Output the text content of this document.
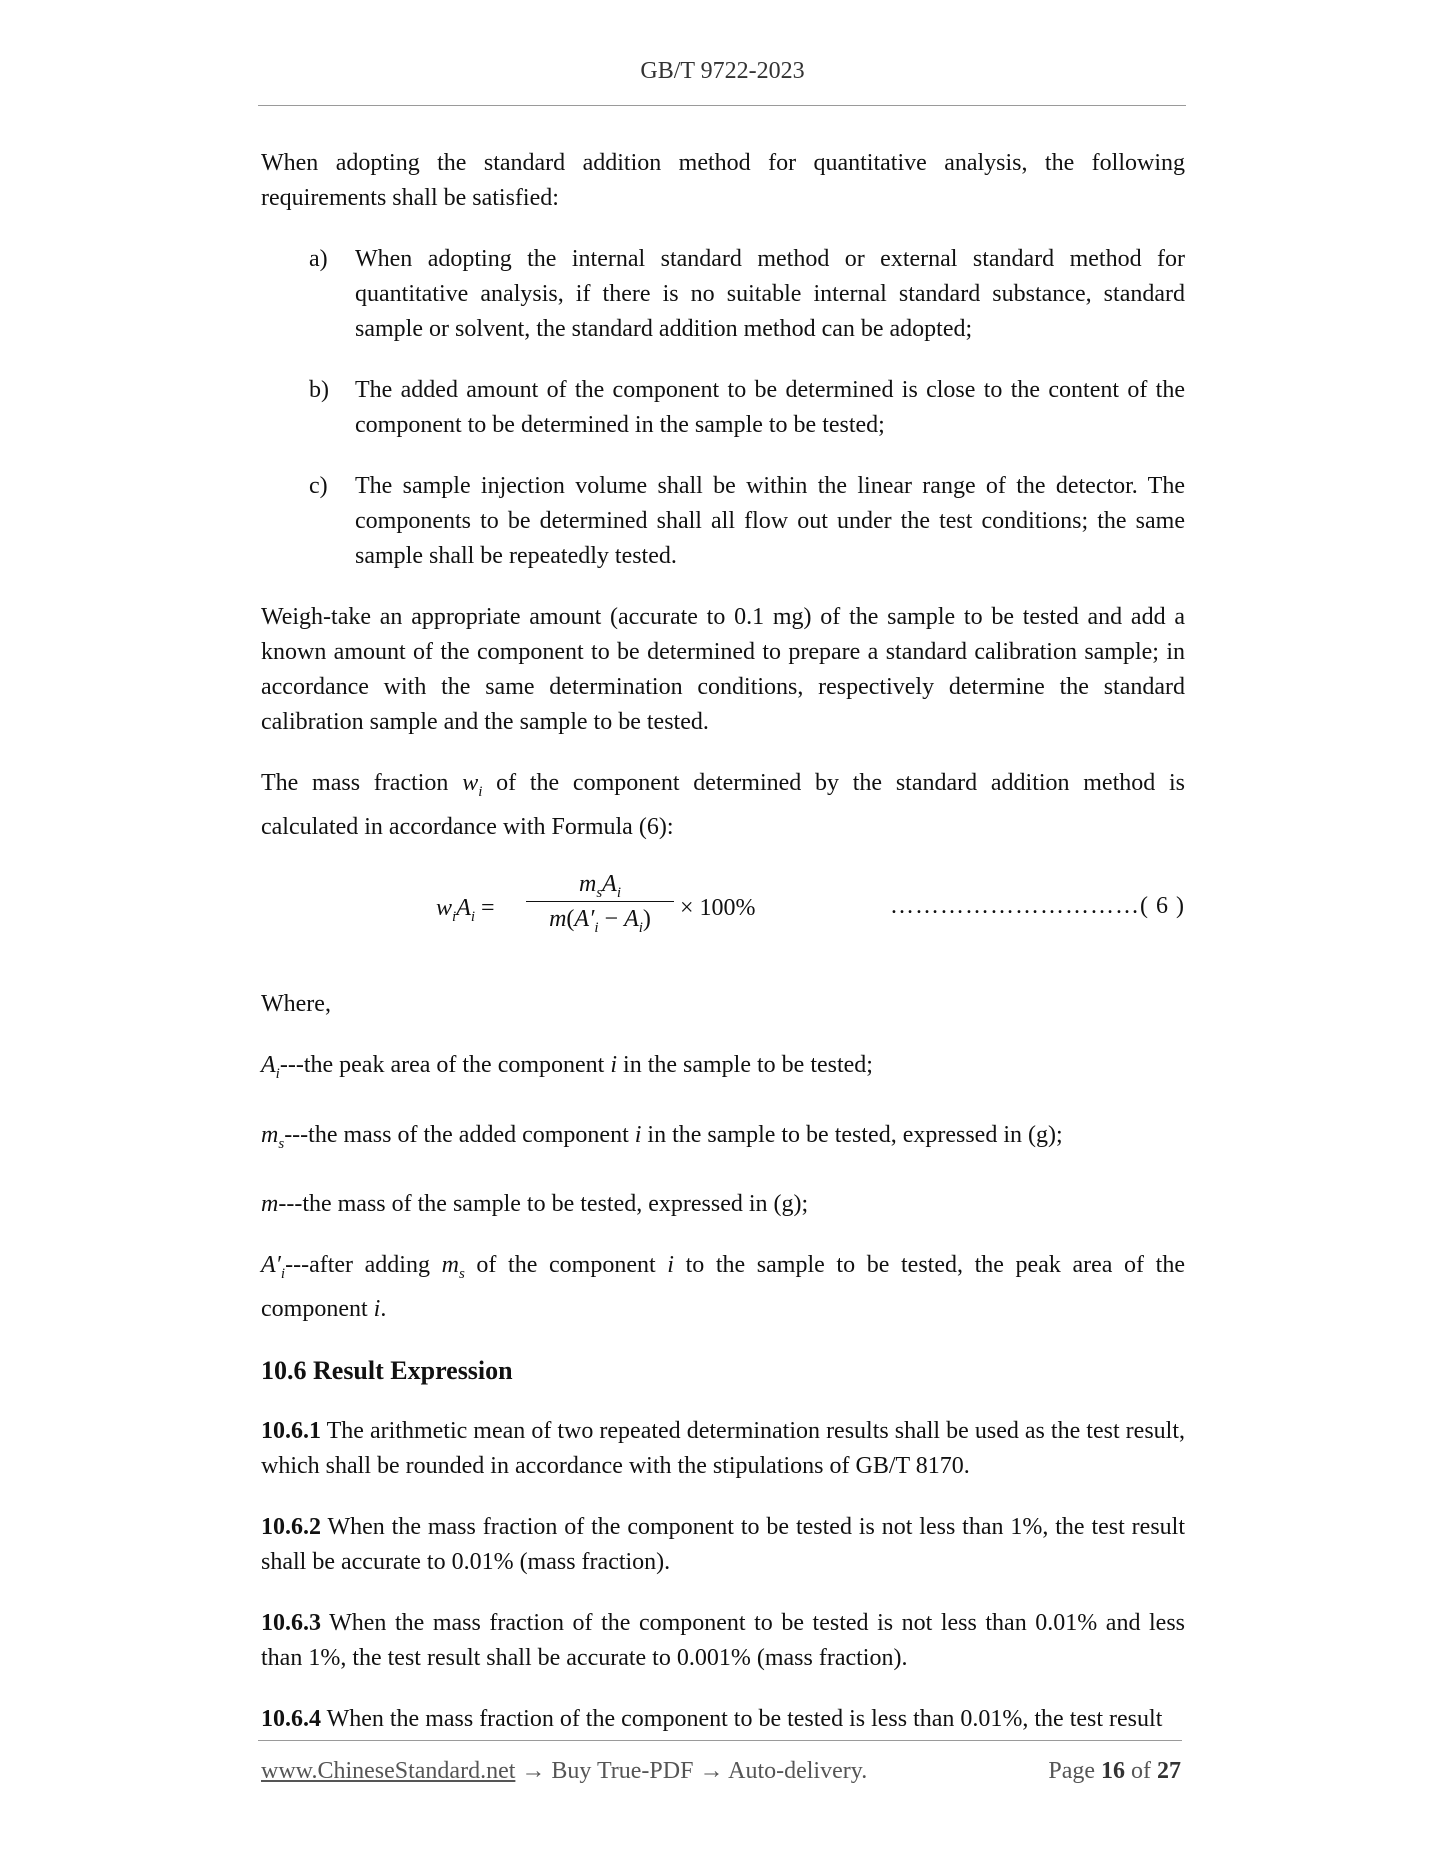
GB/T 9722-2023

When adopting the standard addition method for quantitative analysis, the following requirements shall be satisfied:

a) When adopting the internal standard method or external standard method for quantitative analysis, if there is no suitable internal standard substance, standard sample or solvent, the standard addition method can be adopted;
b) The added amount of the component to be determined is close to the content of the component to be determined in the sample to be tested;
c) The sample injection volume shall be within the linear range of the detector. The components to be determined shall all flow out under the test conditions; the same sample shall be repeatedly tested.

Weigh-take an appropriate amount (accurate to 0.1 mg) of the sample to be tested and add a known amount of the component to be determined to prepare a standard calibration sample; in accordance with the same determination conditions, respectively determine the standard calibration sample and the sample to be tested.

The mass fraction $w_i$ of the component determined by the standard addition method is calculated in accordance with Formula (6):

$w_iA_i$ =
$m_sA_i$
$m(A'_i - A_i)$	× 100%	…………………………( 6 )

Where,

$A_i--$-the peak area of the component i in the sample to be tested;

$m_s--$-the mass of the added component i in the sample to be tested, expressed in (g);

m---the mass of the sample to be tested, expressed in (g);

$A'_i--$-after adding $m_s$ of the component i to the sample to be tested, the peak area of the component i.

10.6 Result Expression

10.6.1 The arithmetic mean of two repeated determination results shall be used as the test result, which shall be rounded in accordance with the stipulations of GB/T 8170.

10.6.2 When the mass fraction of the component to be tested is not less than 1%, the test result shall be accurate to 0.01% (mass fraction).

10.6.3 When the mass fraction of the component to be tested is not less than 0.01% and less than 1%, the test result shall be accurate to 0.001% (mass fraction).

10.6.4 When the mass fraction of the component to be tested is less than 0.01%, the test result

www.ChineseStandard.net → Buy True-PDF → Auto-delivery.	Page 16 of 27
